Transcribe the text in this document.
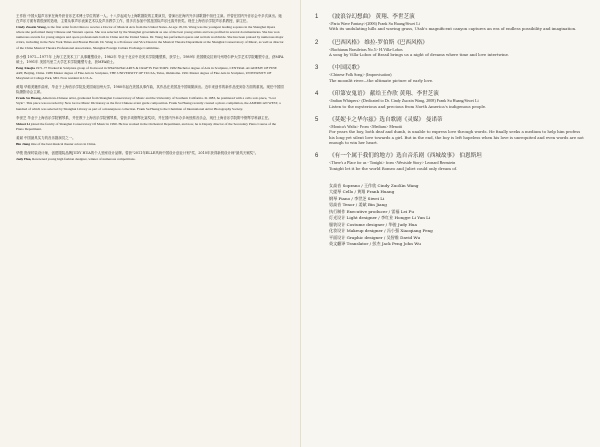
王作欣 中国大陆声乐家在海外获音乐艺术博士学位的第一人。十八岁起成为上海歌剧院的主要演员，曾演出在海内外多部歌剧中担任主演。并曾在国内外音乐会中多次演出。她在声乐方面有着很深的造诣，主要从事声乐表演艺术以及声乐教学工作，曾多次参加中国及国际声乐比赛并获奖。现任上海音乐学院声乐系教授、副主任。
Cindy Zuoxin Wang, is the first artist from China to receive a Doctor of Musical Arts from the United States. At age 18, Dr. Wang was the youngest leading soprano in the Shanghai Opera where she performed many Chinese and Western operas. She was selected by the Shanghai government as one of the best young artists and was profiled in several documentaries. She has won numerous awards for young singers and opera professionals both in China and the United States. Dr. Wang has performed operas and recitals worldwide. She has been praised by numerous major critics, including in the New York Times and Boston Herald. Dr. Wang is a Professor and Vice Dean in the Musical Theatre Department at the Shanghai Conservatory of Music, as well as director of the China Musical Theatre Professional Association, Shanghai Foreign Culture Exchange Committee.
彭小强 1971—1977年 上海工艺美术工厂从事雕塑设计。1982年 毕业于北京中央美术学院雕塑系，获学士。1989年 美国俄克拉荷马州塔尔萨大学艺术学院雕塑专业，获MFA硕士。1991年 美国马里兰大学艺术学院雕塑专业，获MFA硕士。
Peng Xiaojia 1971-77 Worked in Sculpture group of Ironwood in SHANGHAI ARTS & CRAFTS FACTORY. 1982 Bachelor degree of Arts in Sculpture, CENTRAL ACADEMY OF FINE ART, Beijing, China. 1989 Master degree of Fine Arts in Sculpture, THE UNIVERSITY OF TULSA, Tulsa, Oklahoma. 1991 Master degree of Fine Arts in Sculpture, UNIVERSITY OF Maryland at College Park, MD. Now resident in U.S.A.
黄翔 华裔美籍作曲家，毕业于上海音乐学院及美国南加州大学。1980年起在美国从事作曲，其作品在美国及中国频繁演出。近年来创作的新作品受到各方面的重视。现任中国国际摄影协会主席。
Frank Su Huang, American-Chinese artist, graduated from Shanghai Conservatory of Music and the University of Southern California. In 1983, he premiered with a cello solo piece, "Lost Style". This piece was recorded by New Grove Music Dictionary as the first Chinese avant garde composition. Frank Su Huang recently created a photo compilation, the AMERICAN WEST, a hundred of which was selected by Shanghai Library as part of a masterpiece collection. Frank Su Huang is the Chairman of International Artist Photography Society.
李世芝 毕业于上海音乐学院钢琴系，并任教于上海音乐学院钢琴系，曾获多项钢琴比赛奖项，并在国内外举办多场独奏音乐会，现任上海音乐学院附中钢琴学科副主任。
Shiwei Li joined the faculty of Shanghai Conservatory Of Music in 1990. He has worked in the Orchestral Department, and now, he is Deputy director of the Secondary Piano Course of the Piano Department.
姜斌 中国最具实力的音乐剧演员之一。
Bin Jiang One of the best musical theater actors in China.
华骏 资深时装设计师，创建服装品牌JUDY HUA的个人独家设计品牌。曾获"2011年ELLE风尚中国设计创业计划"奖、2010年获得新锐设计师"最具天赋奖"。
Judy Hua, Renowned young high fashion designer, winner of numerous competitions.
1	《波浪谷幻想曲》 黄翔、李世芝演
<Paria Wave Fantasy>(2006) Frank Su Huang/Siwei Li
With its undulating hills and waving grass, Utah's magnificent canyon captures an era of endless possibility and imagination.
2	《巴西风格》 维拉-罗伯斯《巴西风格》
<Bachianas Brasileiras No.5> H.Villa-Lobos
A song by Villa-Lobos of Brasil brings us a night of dreams where time and love intertwine.
3	《中国民歌》
<Chinese Folk Song> (Improvisation)
The moonlit river—the ultimate picture of early love.
4	《印第安鬼语》 献给王作欣 黄翔、李世芝演
<Indian Whispers> (Dedicated to Dr. Cindy Zuoxin Wang, 2008) Frank Su Huang/Siwei Li
Listen to the mysterious and precious from North America's indigenous people.
5	《莫妮卡之华尔兹》选自歌剧《灵媒》 曼诺蒂
<Monica's Waltz> From <Medium> Menotti
For years the boy, both deaf and dumb, is unable to express love through words. He finally seeks a medium to help him profess his long yet silent love towards a girl. But in the end, the boy is left hopeless when his love is unrequited and even words are not enough to win her heart.
6	《有一个属于我们的地方》选自音乐剧《西城故事》 伯恩斯坦
<There's a Place for us - Tonight> from <Westside Story> Leonard Bernstein
Tonight let it be the world Romeo and Juliet could only dream of.
女高音 Soprano / 王作欣 Cindy ZuoXin Wang
大提琴 Cello / 黄翔 Frank Huang
钢琴 Piano / 李世芝 Siwei Li
男高音 Tenor / 姜斌 Bin Jiang
执行制作 Executive producer / 雷福 Lei Fu
灯光设计 Light designer / 李红业 Hongye Li Yun Li
服装设计 Costume designer / 华骏 Judy Hua
化妆设计 Makeup designer / 冯小强 Xiaoqiang Feng
平面设计 Graphic designer / 吴智维 David Wu
英文翻译 Translator / 彭杰 Jack Peng John Wu
